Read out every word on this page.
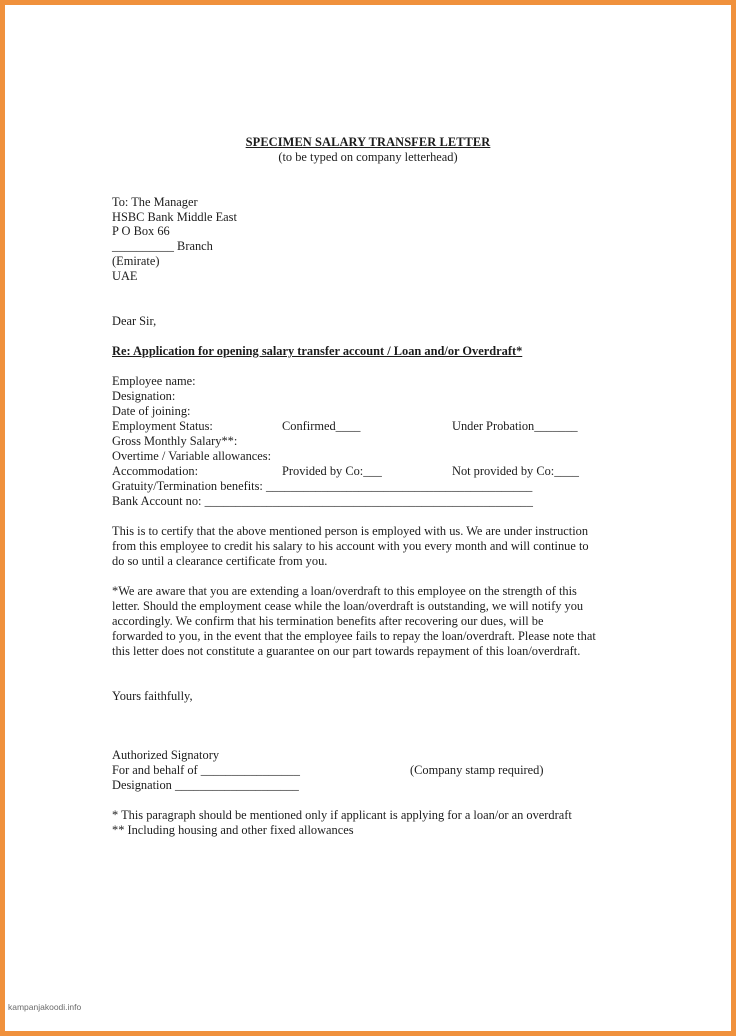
SPECIMEN SALARY TRANSFER LETTER
(to be typed on company letterhead)
To: The Manager
HSBC Bank Middle East
P O Box 66
__________ Branch
(Emirate)
UAE
Dear Sir,
Re: Application for opening salary transfer account / Loan and/or Overdraft*
Employee name:
Designation:
Date of joining:
Employment Status:	Confirmed____	Under Probation_______
Gross Monthly Salary**:
Overtime / Variable allowances:
Accommodation:	Provided by Co:___	Not provided by Co:____
Gratuity/Termination benefits: ___________________________________________
Bank Account no: _____________________________________________________
This is to certify that the above mentioned person is employed with us. We are under instruction
from this employee to credit his salary to his account with you every month and will continue to
do so until a clearance certificate from you.
*We are aware that you are extending a loan/overdraft to this employee on the strength of this
letter. Should the employment cease while the loan/overdraft is outstanding, we will notify you
accordingly. We confirm that his termination benefits after recovering our dues, will be
forwarded to you, in the event that the employee fails to repay the loan/overdraft. Please note that
this letter does not constitute a guarantee on our part towards repayment of this loan/overdraft.
Yours faithfully,
Authorized Signatory
For and behalf of ________________	(Company stamp required)
Designation ____________________
* This paragraph should be mentioned only if applicant is applying for a loan/or an overdraft
** Including housing and other fixed allowances
kampanjakoodi.info
